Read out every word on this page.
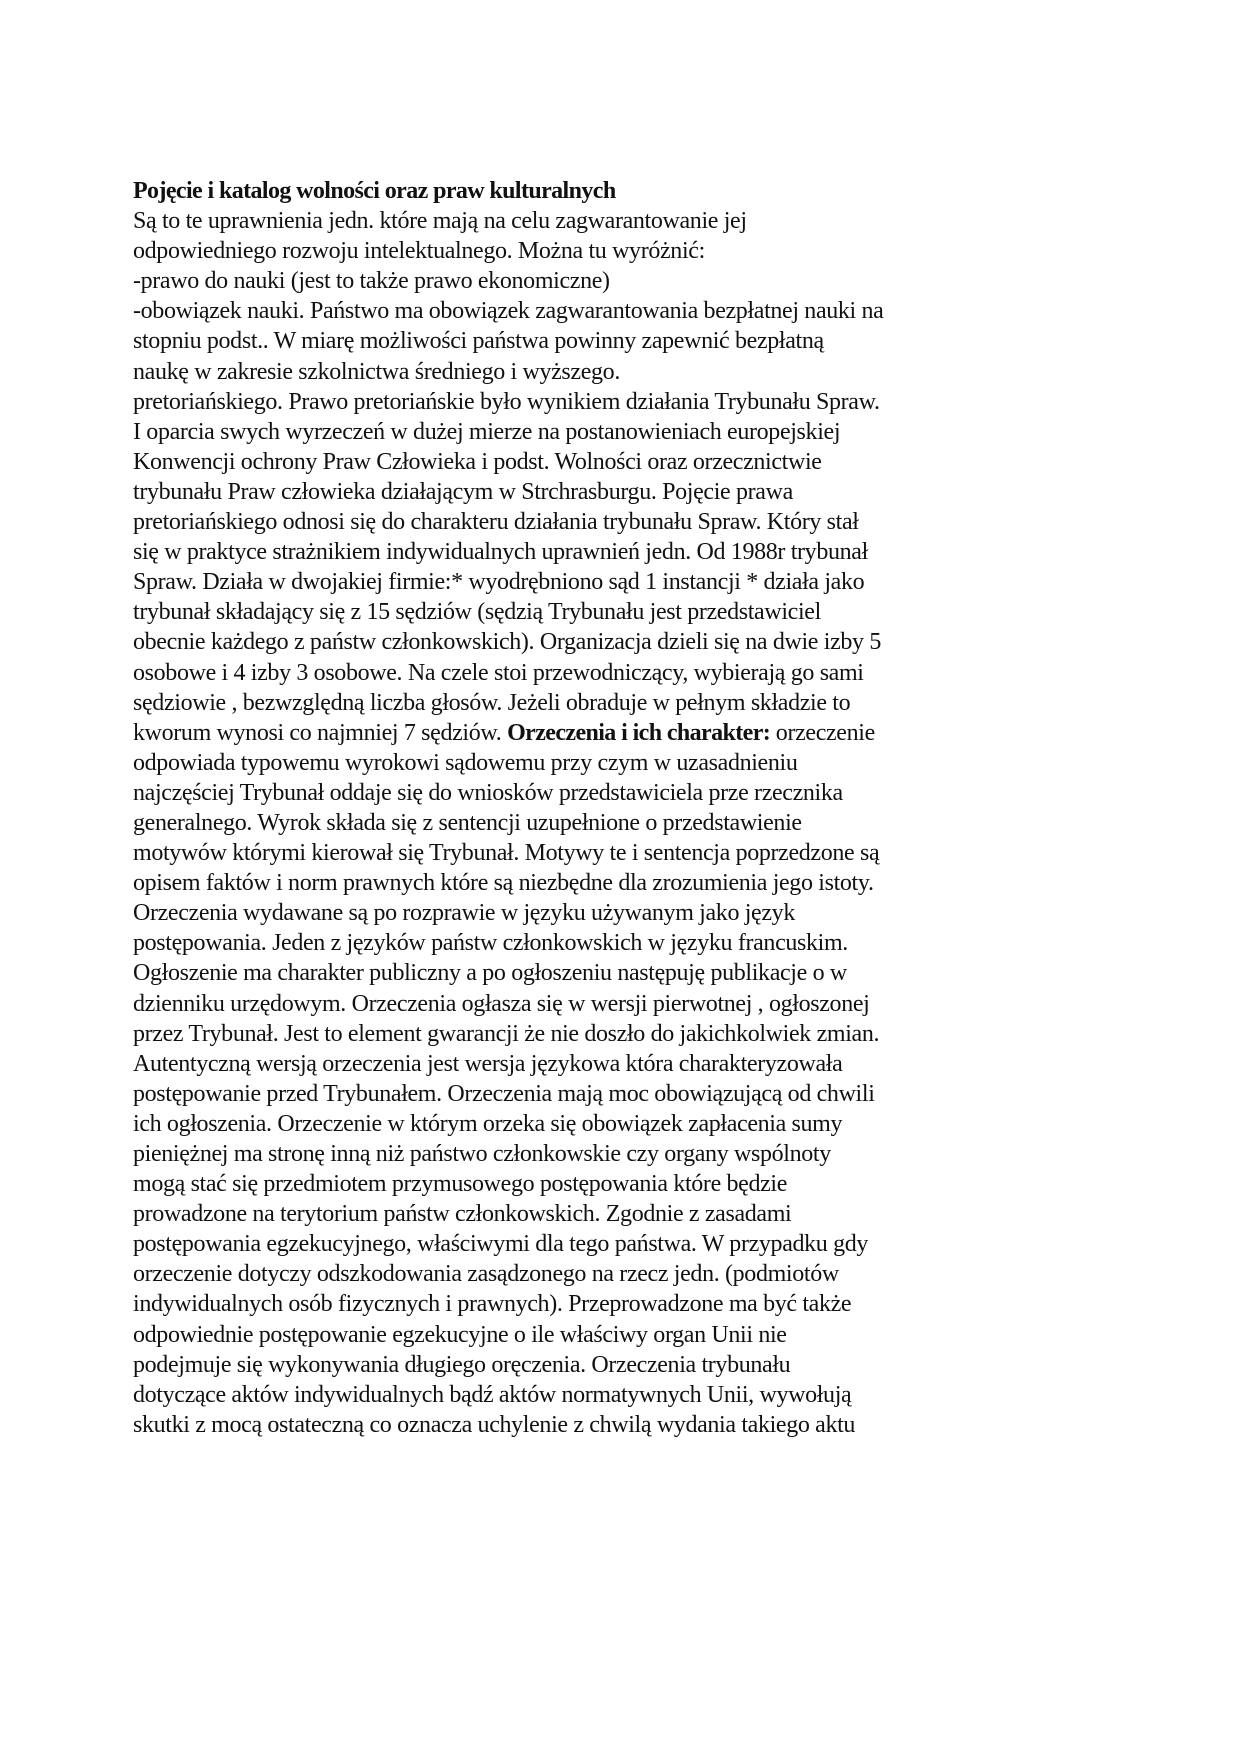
Pojęcie i katalog wolności oraz praw kulturalnych
Są to te uprawnienia jedn. które mają na celu zagwarantowanie jej
odpowiedniego rozwoju intelektualnego. Można tu wyróżnić:
-prawo do nauki (jest to także prawo ekonomiczne)
-obowiązek nauki. Państwo ma obowiązek zagwarantowania bezpłatnej nauki na
stopniu podst.. W miarę możliwości państwa powinny zapewnić bezpłatną
naukę w zakresie szkolnictwa średniego i wyższego.
pretoriańskiego. Prawo pretoriańskie było wynikiem działania Trybunału Spraw.
I oparcia swych wyrzeczeń w dużej mierze na postanowieniach europejskiej
Konwencji ochrony Praw Człowieka i podst. Wolności oraz orzecznictwie
trybunału Praw człowieka działającym w Strchrasburgu. Pojęcie prawa
pretoriańskiego odnosi się do charakteru działania trybunału Spraw. Który stał
się w praktyce strażnikiem indywidualnych uprawnień jedn. Od 1988r trybunał
Spraw. Działa w dwojakiej firmie:* wyodrębniono sąd 1 instancji * działa jako
trybunał składający się z 15 sędziów (sędzią Trybunału jest przedstawiciel
obecnie każdego z państw członkowskich). Organizacja dzieli się na dwie izby 5
osobowe i 4 izby 3 osobowe. Na czele stoi przewodniczący, wybierają go sami
sędziowie , bezwzględną liczba głosów. Jeżeli obraduje w pełnym składzie to
kworum wynosi co najmniej 7 sędziów. Orzeczenia i ich charakter: orzeczenie
odpowiada typowemu wyrokowi sądowemu przy czym w uzasadnieniu
najczęściej Trybunał oddaje się do wniosków przedstawiciela prze rzecznika
generalnego. Wyrok składa się z sentencji uzupełnione o przedstawienie
motywów którymi kierował się Trybunał. Motywy te i sentencja poprzedzone są
opisem faktów i norm prawnych które są niezbędne dla zrozumienia jego istoty.
Orzeczenia wydawane są po rozprawie w języku używanym jako język
postępowania. Jeden z języków państw członkowskich w języku francuskim.
Ogłoszenie ma charakter publiczny a po ogłoszeniu następuję publikacje o w
dzienniku urzędowym. Orzeczenia ogłasza się w wersji pierwotnej , ogłoszonej
przez Trybunał. Jest to element gwarancji że nie doszło do jakichkolwiek zmian.
Autentyczną wersją orzeczenia jest wersja językowa która charakteryzowała
postępowanie przed Trybunałem. Orzeczenia mają moc obowiązującą od chwili
ich ogłoszenia. Orzeczenie w którym orzeka się obowiązek zapłacenia sumy
pieniężnej ma stronę inną niż państwo członkowskie czy organy wspólnoty
mogą stać się przedmiotem przymusowego postępowania które będzie
prowadzone na terytorium państw członkowskich. Zgodnie z zasadami
postępowania egzekucyjnego, właściwymi dla tego państwa. W przypadku gdy
orzeczenie dotyczy odszkodowania zasądzonego na rzecz jedn. (podmiotów
indywidualnych osób fizycznych i prawnych). Przeprowadzone ma być także
odpowiednie postępowanie egzekucyjne o ile właściwy organ Unii nie
podejmuje się wykonywania długiego oręczenia. Orzeczenia trybunału
dotyczące aktów indywidualnych bądź aktów normatywnych Unii, wywołują
skutki z mocą ostateczną co oznacza uchylenie z chwilą wydania takiego aktu
